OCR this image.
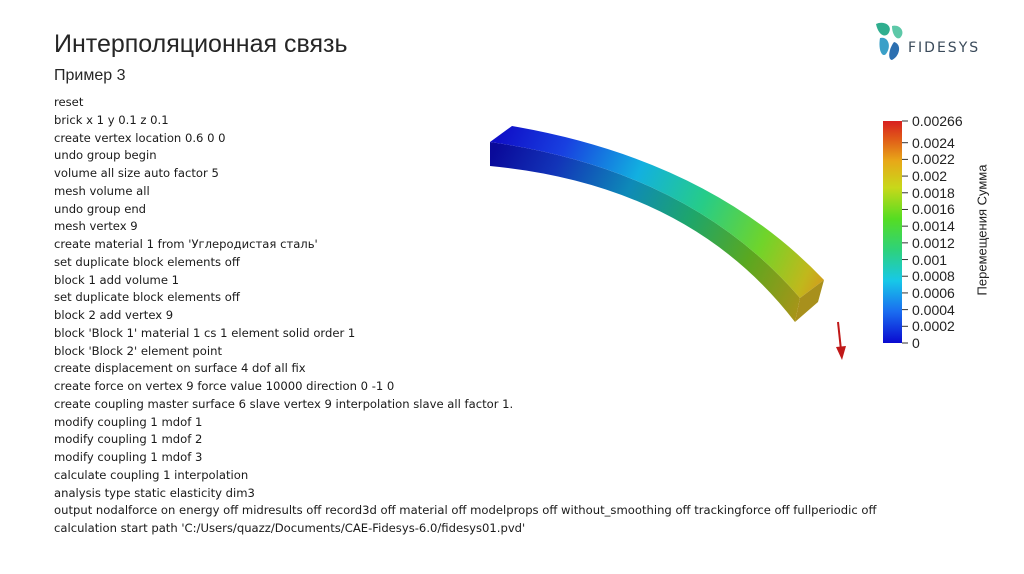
Интерполяционная связь
Пример 3
FIDESYS
reset
brick x 1 y 0.1 z 0.1
create vertex location 0.6 0 0
undo group begin
volume all size auto factor 5
mesh volume all
undo group end
mesh vertex 9
create material 1 from 'Углеродистая сталь'
set duplicate block elements off
block 1 add volume 1
set duplicate block elements off
block 2 add vertex 9
block 'Block 1' material 1 cs 1 element solid order 1
block 'Block 2' element point
create displacement on surface 4 dof all fix
create force on vertex 9 force value 10000 direction 0 -1 0
create coupling master surface 6 slave vertex 9 interpolation slave all factor 1.
modify coupling 1 mdof 1
modify coupling 1 mdof 2
modify coupling 1 mdof 3
calculate coupling 1 interpolation
analysis type static elasticity dim3
output nodalforce on energy off midresults off record3d off material off modelprops off without_smoothing off trackingforce off fullperiodic off
calculation start path 'C:/Users/quazz/Documents/CAE-Fidesys-6.0/fidesys01.pvd'
Перемещения Сумма
0.00266
0.0024
0.0022
0.002
0.0018
0.0016
0.0014
0.0012
0.001
0.0008
0.0006
0.0004
0.0002
0
